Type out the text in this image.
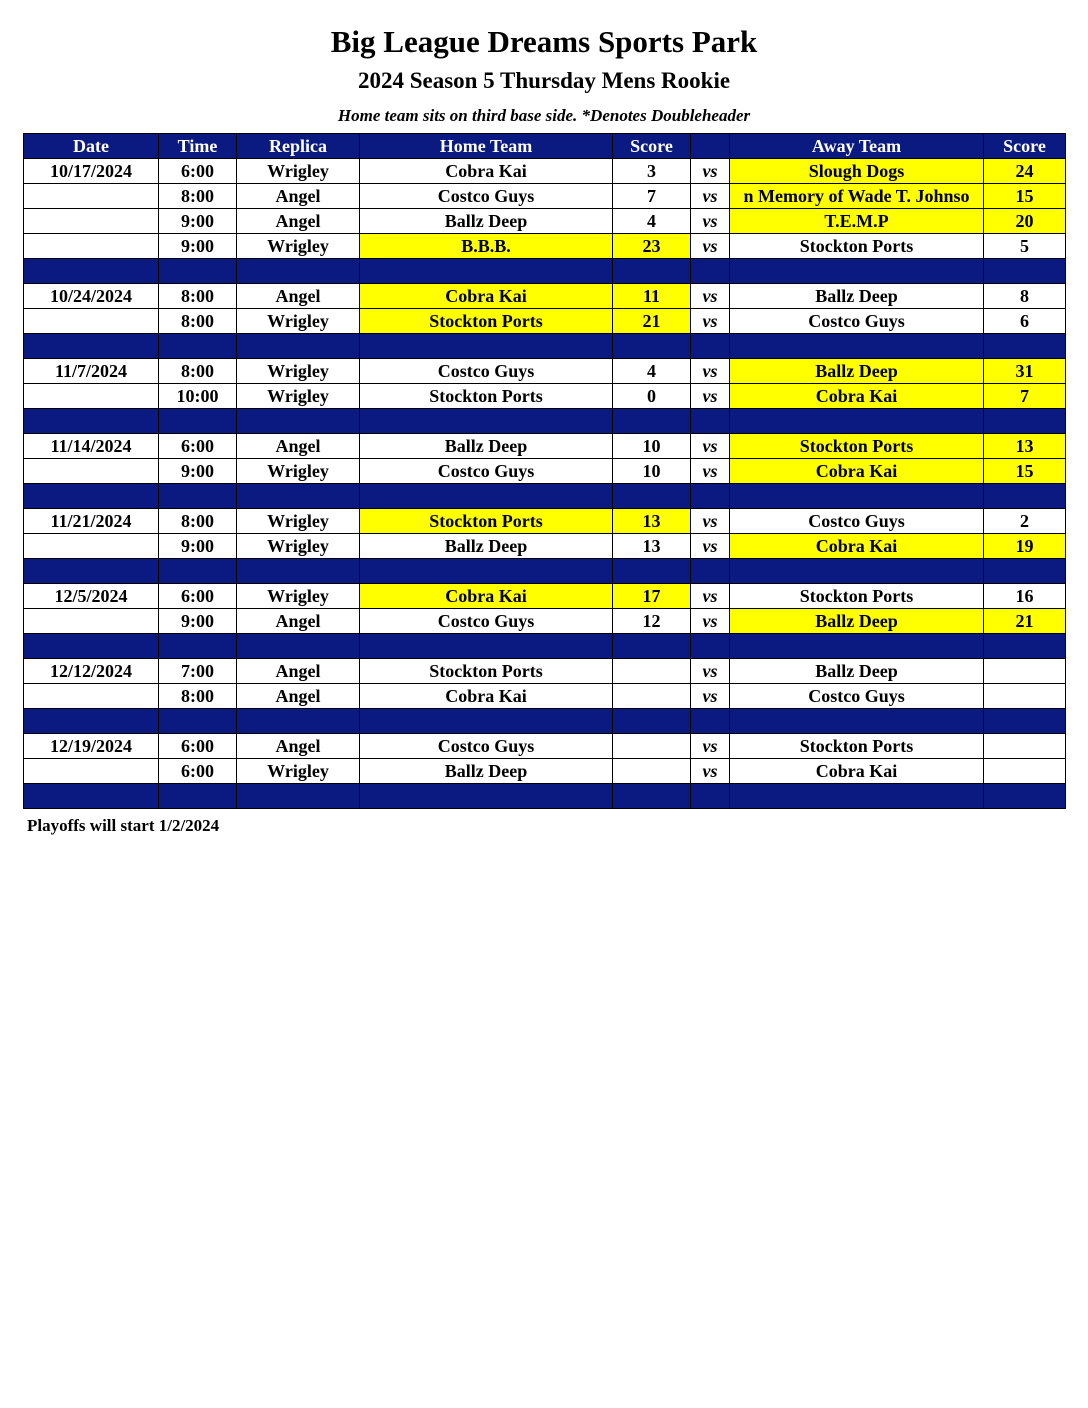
Big League Dreams Sports Park
2024 Season 5 Thursday Mens Rookie
Home team sits on third base side. *Denotes Doubleheader
Date	Time	Replica	Home Team	Score		Away Team	Score
10/17/2024	6:00	Wrigley	Cobra Kai	3	vs	Slough Dogs	24
	8:00	Angel	Costco Guys	7	vs	n Memory of Wade T. Johnso	15
	9:00	Angel	Ballz Deep	4	vs	T.E.M.P	20
	9:00	Wrigley	B.B.B.	23	vs	Stockton Ports	5

10/24/2024	8:00	Angel	Cobra Kai	11	vs	Ballz Deep	8
	8:00	Wrigley	Stockton Ports	21	vs	Costco Guys	6

11/7/2024	8:00	Wrigley	Costco Guys	4	vs	Ballz Deep	31
	10:00	Wrigley	Stockton Ports	0	vs	Cobra Kai	7

11/14/2024	6:00	Angel	Ballz Deep	10	vs	Stockton Ports	13
	9:00	Wrigley	Costco Guys	10	vs	Cobra Kai	15

11/21/2024	8:00	Wrigley	Stockton Ports	13	vs	Costco Guys	2
	9:00	Wrigley	Ballz Deep	13	vs	Cobra Kai	19

12/5/2024	6:00	Wrigley	Cobra Kai	17	vs	Stockton Ports	16
	9:00	Angel	Costco Guys	12	vs	Ballz Deep	21

12/12/2024	7:00	Angel	Stockton Ports		vs	Ballz Deep	
	8:00	Angel	Cobra Kai		vs	Costco Guys	

12/19/2024	6:00	Angel	Costco Guys		vs	Stockton Ports	
	6:00	Wrigley	Ballz Deep		vs	Cobra Kai	

Playoffs will start 1/2/2024
